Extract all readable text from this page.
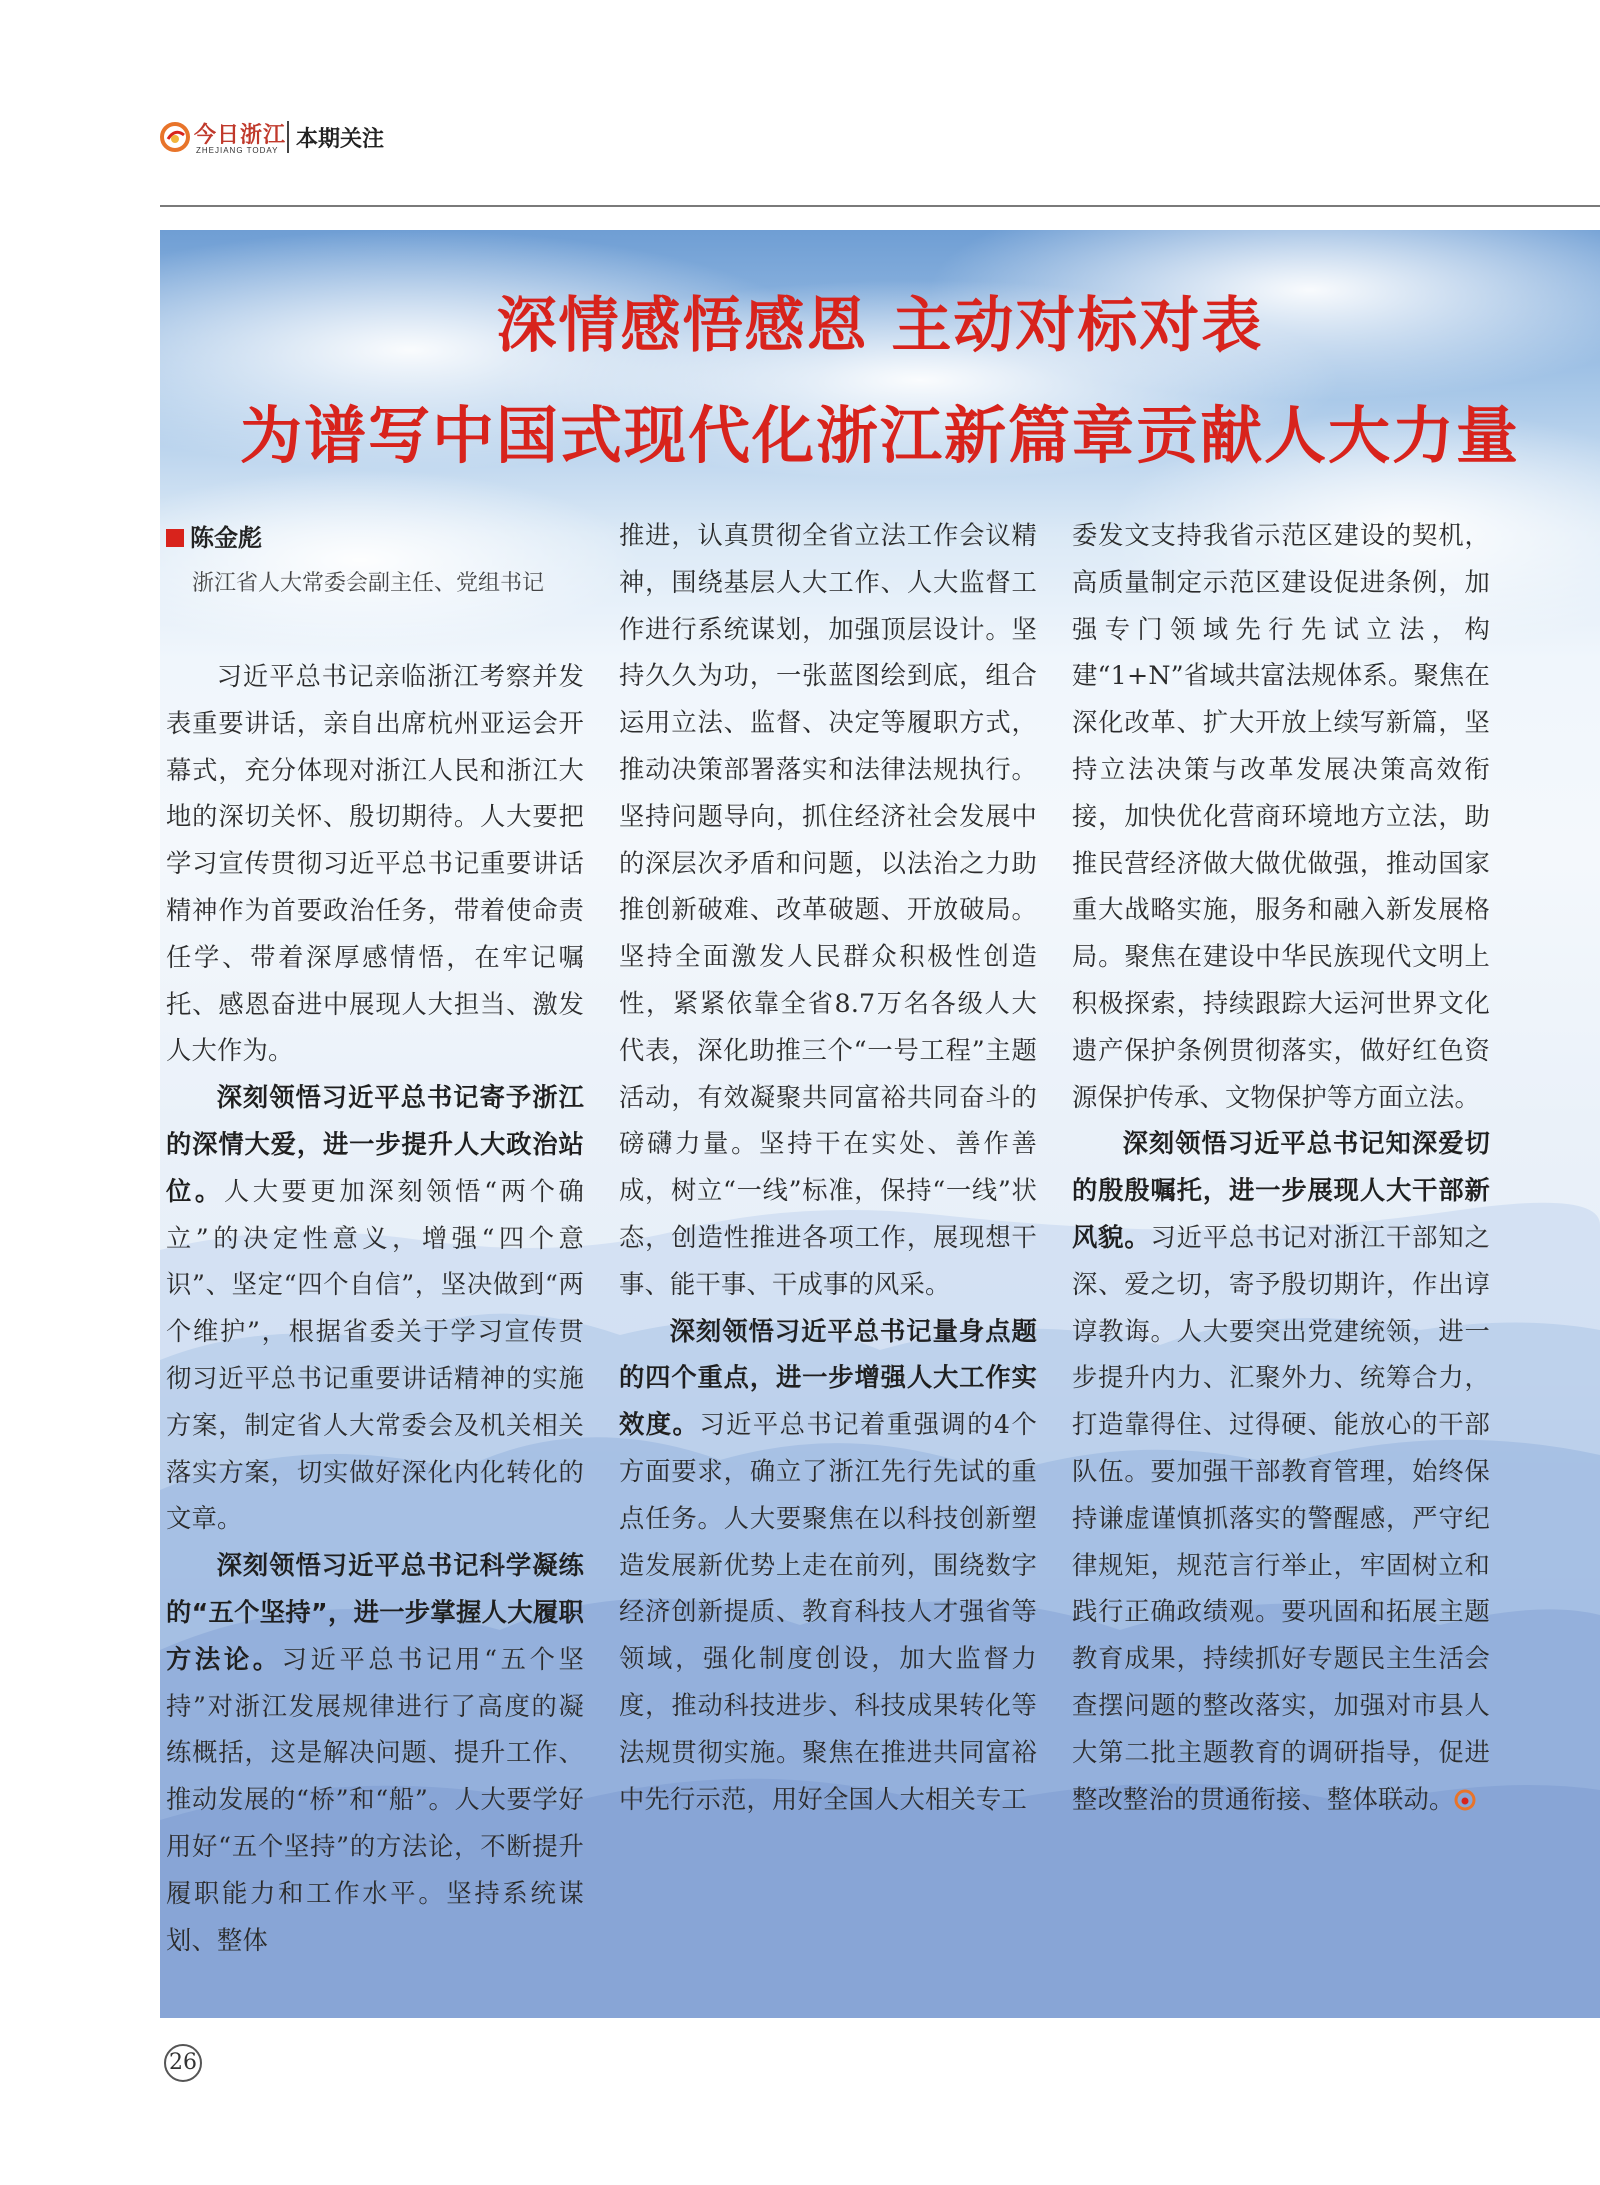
今日浙江
ZHEJIANG TODAY 本期关注
深情感悟感恩 主动对标对表
为谱写中国式现代化浙江新篇章贡献人大力量
陈金彪
浙江省人大常委会副主任、党组书记

习近平总书记亲临浙江考察并发表重要讲话，亲自出席杭州亚运会开幕式，充分体现对浙江人民和浙江大地的深切关怀、殷切期待。人大要把学习宣传贯彻习近平总书记重要讲话精神作为首要政治任务，带着使命责任学、带着深厚感情悟，在牢记嘱托、感恩奋进中展现人大担当、激发人大作为。

深刻领悟习近平总书记寄予浙江的深情大爱，进一步提升人大政治站位。人大要更加深刻领悟“两个确立”的决定性意义，增强“四个意识”、坚定“四个自信”，坚决做到“两个维护”，根据省委关于学习宣传贯彻习近平总书记重要讲话精神的实施方案，制定省人大常委会及机关相关落实方案，切实做好深化内化转化的文章。

深刻领悟习近平总书记科学凝练的“五个坚持”，进一步掌握人大履职方法论。习近平总书记用“五个坚持”对浙江发展规律进行了高度的凝练概括，这是解决问题、提升工作、推动发展的“桥”和“船”。人大要学好用好“五个坚持”的方法论，不断提升履职能力和工作水平。坚持系统谋划、整体

推进，认真贯彻全省立法工作会议精神，围绕基层人大工作、人大监督工作进行系统谋划，加强顶层设计。坚持久久为功，一张蓝图绘到底，组合运用立法、监督、决定等履职方式，推动决策部署落实和法律法规执行。坚持问题导向，抓住经济社会发展中的深层次矛盾和问题，以法治之力助推创新破难、改革破题、开放破局。坚持全面激发人民群众积极性创造性，紧紧依靠全省8.7万名各级人大代表，深化助推三个“一号工程”主题活动，有效凝聚共同富裕共同奋斗的磅礴力量。坚持干在实处、善作善成，树立“一线”标准，保持“一线”状态，创造性推进各项工作，展现想干事、能干事、干成事的风采。

深刻领悟习近平总书记量身点题的四个重点，进一步增强人大工作实效度。习近平总书记着重强调的4个方面要求，确立了浙江先行先试的重点任务。人大要聚焦在以科技创新塑造发展新优势上走在前列，围绕数字经济创新提质、教育科技人才强省等领域，强化制度创设，加大监督力度，推动科技进步、科技成果转化等法规贯彻实施。聚焦在推进共同富裕中先行示范，用好全国人大相关专工

委发文支持我省示范区建设的契机，高质量制定示范区建设促进条例，加强专门领域先行先试立法，构建“1+N”省域共富法规体系。聚焦在深化改革、扩大开放上续写新篇，坚持立法决策与改革发展决策高效衔接，加快优化营商环境地方立法，助推民营经济做大做优做强，推动国家重大战略实施，服务和融入新发展格局。聚焦在建设中华民族现代文明上积极探索，持续跟踪大运河世界文化遗产保护条例贯彻落实，做好红色资源保护传承、文物保护等方面立法。

深刻领悟习近平总书记知深爱切的殷殷嘱托，进一步展现人大干部新风貌。习近平总书记对浙江干部知之深、爱之切，寄予殷切期许，作出谆谆教诲。人大要突出党建统领，进一步提升内力、汇聚外力、统筹合力，打造靠得住、过得硬、能放心的干部队伍。要加强干部教育管理，始终保持谦虚谨慎抓落实的警醒感，严守纪律规矩，规范言行举止，牢固树立和践行正确政绩观。要巩固和拓展主题教育成果，持续抓好专题民主生活会查摆问题的整改落实，加强对市县人大第二批主题教育的调研指导，促进整改整治的贯通衔接、整体联动。

26
